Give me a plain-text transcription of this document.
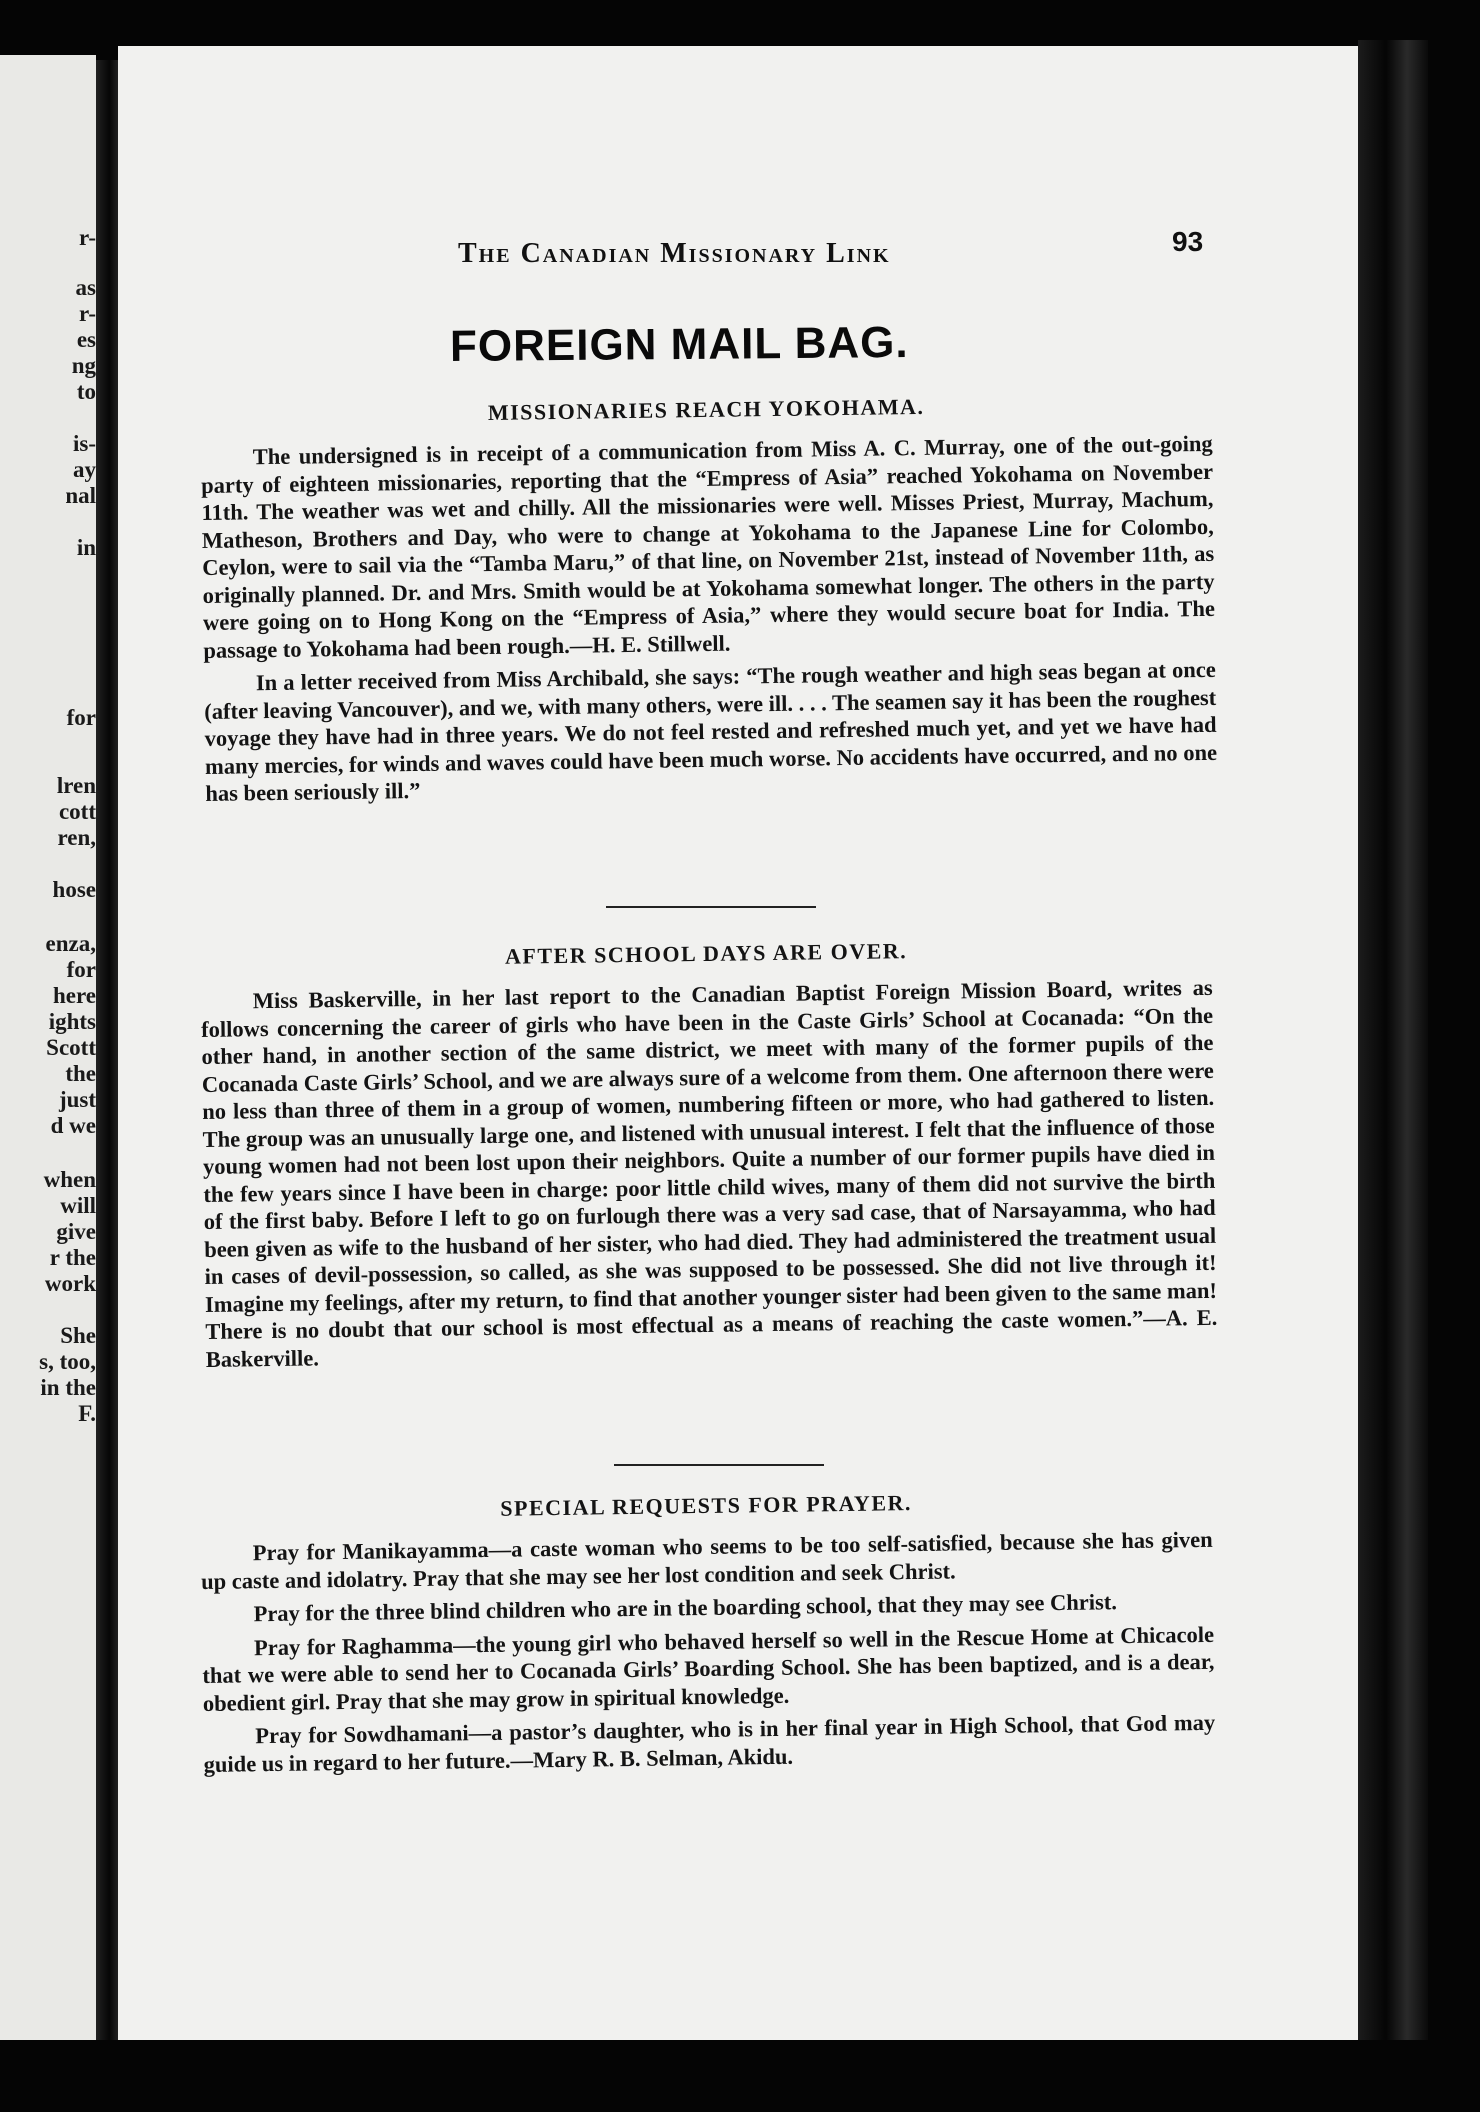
r-
as
r-
es
ng
to
is-
ay
nal
in
for
lren
cott
ren,
hose
enza,
for
here
ights
Scott
the
just
d we
when
will
give
r the
work
She
s, too,
in the
F.
The Canadian Missionary Link	93
FOREIGN MAIL BAG.
MISSIONARIES REACH YOKOHAMA.

The undersigned is in receipt of a communication from Miss A. C. Murray, one of the out-going party of eighteen missionaries, reporting that the “Empress of Asia” reached Yokohama on November 11th. The weather was wet and chilly. All the missionaries were well. Misses Priest, Murray, Machum, Matheson, Brothers and Day, who were to change at Yokohama to the Japanese Line for Colombo, Ceylon, were to sail via the “Tamba Maru,” of that line, on November 21st, instead of November 11th, as originally planned. Dr. and Mrs. Smith would be at Yokohama somewhat longer. The others in the party were going on to Hong Kong on the “Empress of Asia,” where they would secure boat for India. The passage to Yokohama had been rough.—H. E. Stillwell.

In a letter received from Miss Archibald, she says: “The rough weather and high seas began at once (after leaving Vancouver), and we, with many others, were ill. . . . The seamen say it has been the roughest voyage they have had in three years. We do not feel rested and refreshed much yet, and yet we have had many mercies, for winds and waves could have been much worse. No accidents have occurred, and no one has been seriously ill.”

AFTER SCHOOL DAYS ARE OVER.

Miss Baskerville, in her last report to the Canadian Baptist Foreign Mission Board, writes as follows concerning the career of girls who have been in the Caste Girls’ School at Cocanada: “On the other hand, in another section of the same district, we meet with many of the former pupils of the Cocanada Caste Girls’ School, and we are always sure of a welcome from them. One afternoon there were no less than three of them in a group of women, numbering fifteen or more, who had gathered to listen. The group was an unusually large one, and listened with unusual interest. I felt that the influence of those young women had not been lost upon their neighbors. Quite a number of our former pupils have died in the few years since I have been in charge: poor little child wives, many of them did not survive the birth of the first baby. Before I left to go on furlough there was a very sad case, that of Narsayamma, who had been given as wife to the husband of her sister, who had died. They had administered the treatment usual in cases of devil-possession, so called, as she was supposed to be possessed. She did not live through it! Imagine my feelings, after my return, to find that another younger sister had been given to the same man! There is no doubt that our school is most effectual as a means of reaching the caste women.”—A. E. Baskerville.

SPECIAL REQUESTS FOR PRAYER.

Pray for Manikayamma—a caste woman who seems to be too self-satisfied, because she has given up caste and idolatry. Pray that she may see her lost condition and seek Christ.

Pray for the three blind children who are in the boarding school, that they may see Christ.

Pray for Raghamma—the young girl who behaved herself so well in the Rescue Home at Chicacole that we were able to send her to Cocanada Girls’ Boarding School. She has been baptized, and is a dear, obedient girl. Pray that she may grow in spiritual knowledge.

Pray for Sowdhamani—a pastor’s daughter, who is in her final year in High School, that God may guide us in regard to her future.—Mary R. B. Selman, Akidu.
